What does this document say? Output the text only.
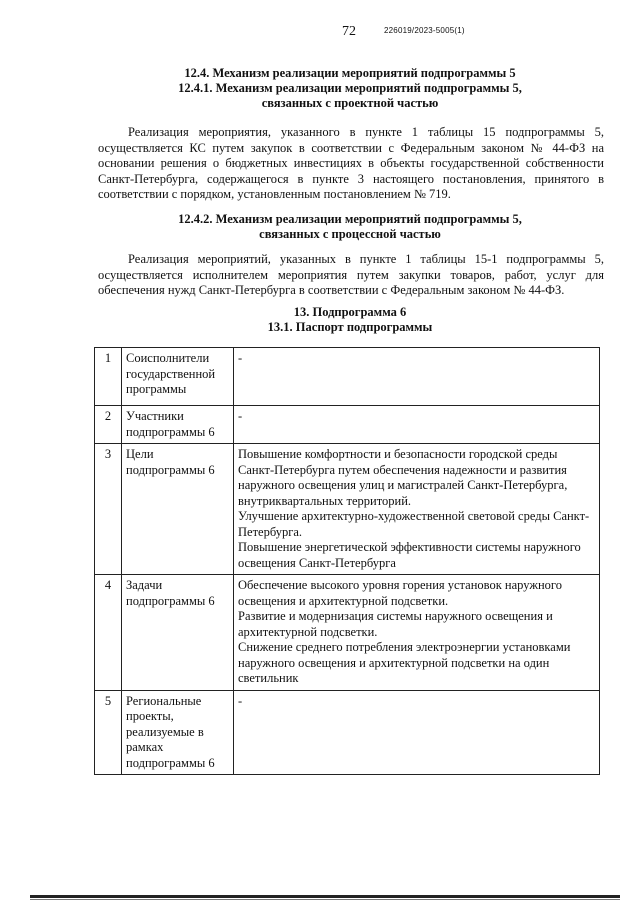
72	226019/2023-5005(1)
12.4. Механизм реализации мероприятий подпрограммы 5
12.4.1. Механизм реализации мероприятий подпрограммы 5,
связанных с проектной частью

Реализация мероприятия, указанного в пункте 1 таблицы 15 подпрограммы 5, осуществляется КС путем закупок в соответствии с Федеральным законом № 44-ФЗ на основании решения о бюджетных инвестициях в объекты государственной собственности Санкт-Петербурга, содержащегося в пункте 3 настоящего постановления, принятого в соответствии с порядком, установленным постановлением № 719.

12.4.2. Механизм реализации мероприятий подпрограммы 5,
связанных с процессной частью

Реализация мероприятий, указанных в пункте 1 таблицы 15-1 подпрограммы 5, осуществляется исполнителем мероприятия путем закупки товаров, работ, услуг для обеспечения нужд Санкт-Петербурга в соответствии с Федеральным законом № 44-ФЗ.

13. Подпрограмма 6
13.1. Паспорт подпрограммы
1	Соисполнители государственной программы	-

2	Участники подпрограммы 6	-

3	Цели подпрограммы 6	Повышение комфортности и безопасности городской среды Санкт-Петербурга путем обеспечения надежности и развития наружного освещения улиц и магистралей Санкт-Петербурга, внутриквартальных территорий.
Улучшение архитектурно-художественной световой среды Санкт-Петербурга.
Повышение энергетической эффективности системы наружного освещения Санкт-Петербурга

4	Задачи подпрограммы 6	Обеспечение высокого уровня горения установок наружного освещения и архитектурной подсветки.
Развитие и модернизация системы наружного освещения и архитектурной подсветки.
Снижение среднего потребления электроэнергии установками наружного освещения и архитектурной подсветки на один светильник

5	Региональные проекты, реализуемые в рамках подпрограммы 6	-
